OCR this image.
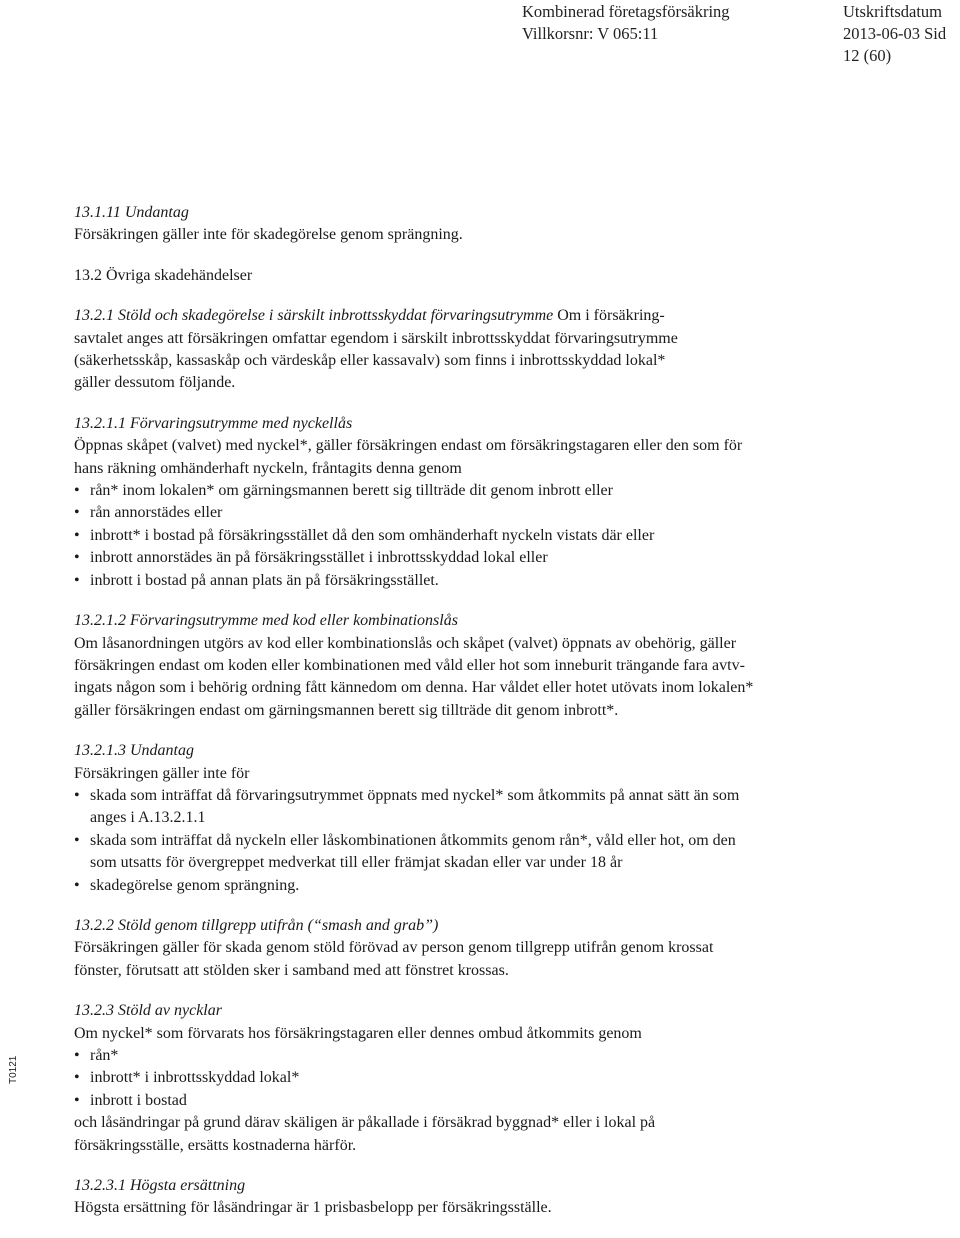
Kombinerad företagsförsäkring
Villkorsnr: V 065:11
Utskriftsdatum
2013-06-03 Sid
12 (60)
T0121

13.1.11 Undantag

Försäkringen gäller inte för skadegörelse genom sprängning.

13.2 Övriga skadehändelser

13.2.1 Stöld och skadegörelse i särskilt inbrottsskyddat förvaringsutrymme Om i försäkring-

savtalet anges att försäkringen omfattar egendom i särskilt inbrottsskyddat förvaringsutrymme

(säkerhetsskåp, kassaskåp och värdeskåp eller kassavalv) som finns i inbrottsskyddad lokal*

gäller dessutom följande.

13.2.1.1 Förvaringsutrymme med nyckellås

Öppnas skåpet (valvet) med nyckel*, gäller försäkringen endast om försäkringstagaren eller den som för

hans räkning omhänderhaft nyckeln, fråntagits denna genom

• rån* inom lokalen* om gärningsmannen berett sig tillträde dit genom inbrott eller
• rån annorstädes eller
• inbrott* i bostad på försäkringsstället då den som omhänderhaft nyckeln vistats där eller
• inbrott annorstädes än på försäkringsstället i inbrottsskyddad lokal eller
• inbrott i bostad på annan plats än på försäkringsstället.

13.2.1.2 Förvaringsutrymme med kod eller kombinationslås

Om låsanordningen utgörs av kod eller kombinationslås och skåpet (valvet) öppnats av obehörig, gäller

försäkringen endast om koden eller kombinationen med våld eller hot som inneburit trängande fara avtv-

ingats någon som i behörig ordning fått kännedom om denna. Har våldet eller hotet utövats inom lokalen*

gäller försäkringen endast om gärningsmannen berett sig tillträde dit genom inbrott*.

13.2.1.3 Undantag

Försäkringen gäller inte för

• skada som inträffat då förvaringsutrymmet öppnats med nyckel* som åtkommits på annat sätt än som
anges i A.13.2.1.1
• skada som inträffat då nyckeln eller låskombinationen åtkommits genom rån*, våld eller hot, om den
som utsatts för övergreppet medverkat till eller främjat skadan eller var under 18 år
• skadegörelse genom sprängning.

13.2.2 Stöld genom tillgrepp utifrån (“smash and grab”)

Försäkringen gäller för skada genom stöld förövad av person genom tillgrepp utifrån genom krossat

fönster, förutsatt att stölden sker i samband med att fönstret krossas.

13.2.3 Stöld av nycklar

Om nyckel* som förvarats hos försäkringstagaren eller dennes ombud åtkommits genom

• rån*
• inbrott* i inbrottsskyddad lokal*
• inbrott i bostad

och låsändringar på grund därav skäligen är påkallade i försäkrad byggnad* eller i lokal på

försäkringsställe, ersätts kostnaderna härför.

13.2.3.1 Högsta ersättning

Högsta ersättning för låsändringar är 1 prisbasbelopp per försäkringsställe.
